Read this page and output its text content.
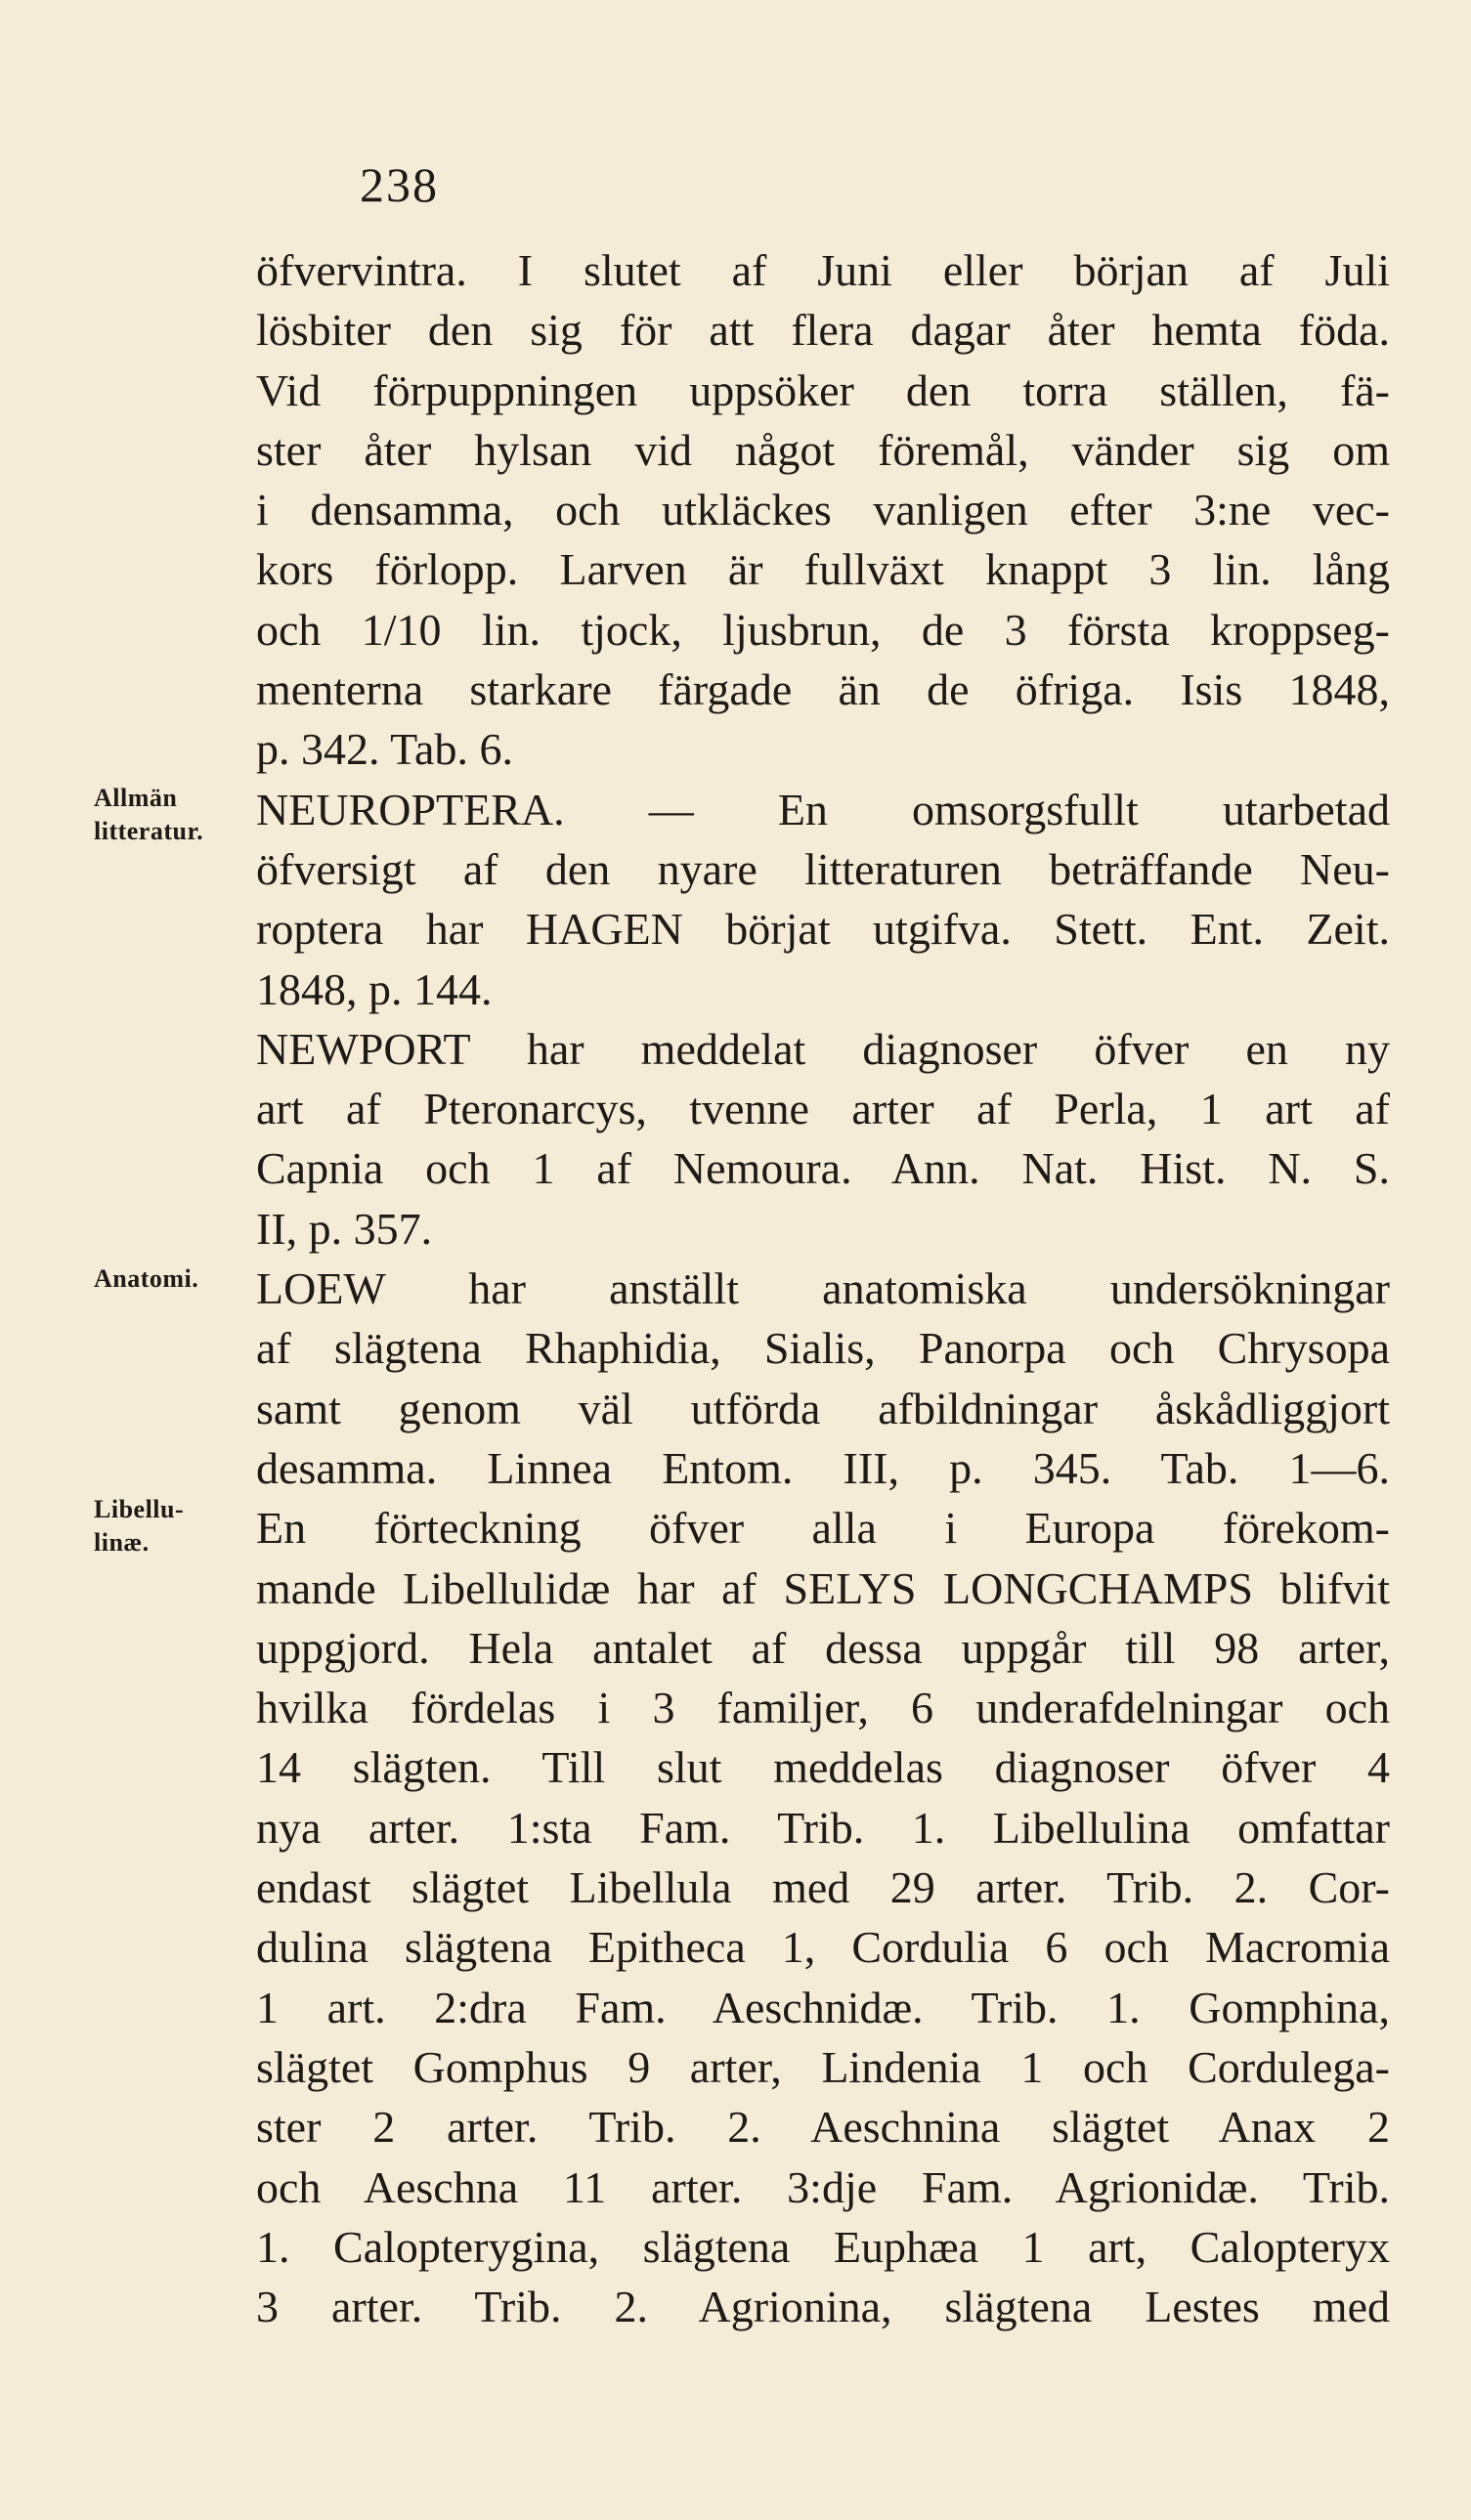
238
Allmän
litteratur.
Anatomi.
Libellu-
linæ.
öfvervintra. I slutet af Juni eller början af Juli
lösbiter den sig för att flera dagar åter hemta föda.
Vid förpuppningen uppsöker den torra ställen, fä-
ster åter hylsan vid något föremål, vänder sig om
i densamma, och utkläckes vanligen efter 3:ne vec-
kors förlopp. Larven är fullväxt knappt 3 lin. lång
och 1/10 lin. tjock, ljusbrun, de 3 första kroppseg-
menterna starkare färgade än de öfriga. Isis 1848,
p. 342. Tab. 6.
NEUROPTERA. — En omsorgsfullt utarbetad
öfversigt af den nyare litteraturen beträffande Neu-
roptera har HAGEN börjat utgifva. Stett. Ent. Zeit.
1848, p. 144.
NEWPORT har meddelat diagnoser öfver en ny
art af Pteronarcys, tvenne arter af Perla, 1 art af
Capnia och 1 af Nemoura. Ann. Nat. Hist. N. S.
II, p. 357.
LOEW har anställt anatomiska undersökningar
af slägtena Rhaphidia, Sialis, Panorpa och Chrysopa
samt genom väl utförda afbildningar åskådliggjort
desamma. Linnea Entom. III, p. 345. Tab. 1—6.
En förteckning öfver alla i Europa förekom-
mande Libellulidæ har af SELYS LONGCHAMPS blifvit
uppgjord. Hela antalet af dessa uppgår till 98 arter,
hvilka fördelas i 3 familjer, 6 underafdelningar och
14 slägten. Till slut meddelas diagnoser öfver 4
nya arter. 1:sta Fam. Trib. 1. Libellulina omfattar
endast slägtet Libellula med 29 arter. Trib. 2. Cor-
dulina slägtena Epitheca 1, Cordulia 6 och Macromia
1 art. 2:dra Fam. Aeschnidæ. Trib. 1. Gomphina,
slägtet Gomphus 9 arter, Lindenia 1 och Cordulega-
ster 2 arter. Trib. 2. Aeschnina slägtet Anax 2
och Aeschna 11 arter. 3:dje Fam. Agrionidæ. Trib.
1. Calopterygina, slägtena Euphæa 1 art, Calopteryx
3 arter. Trib. 2. Agrionina, slägtena Lestes med
